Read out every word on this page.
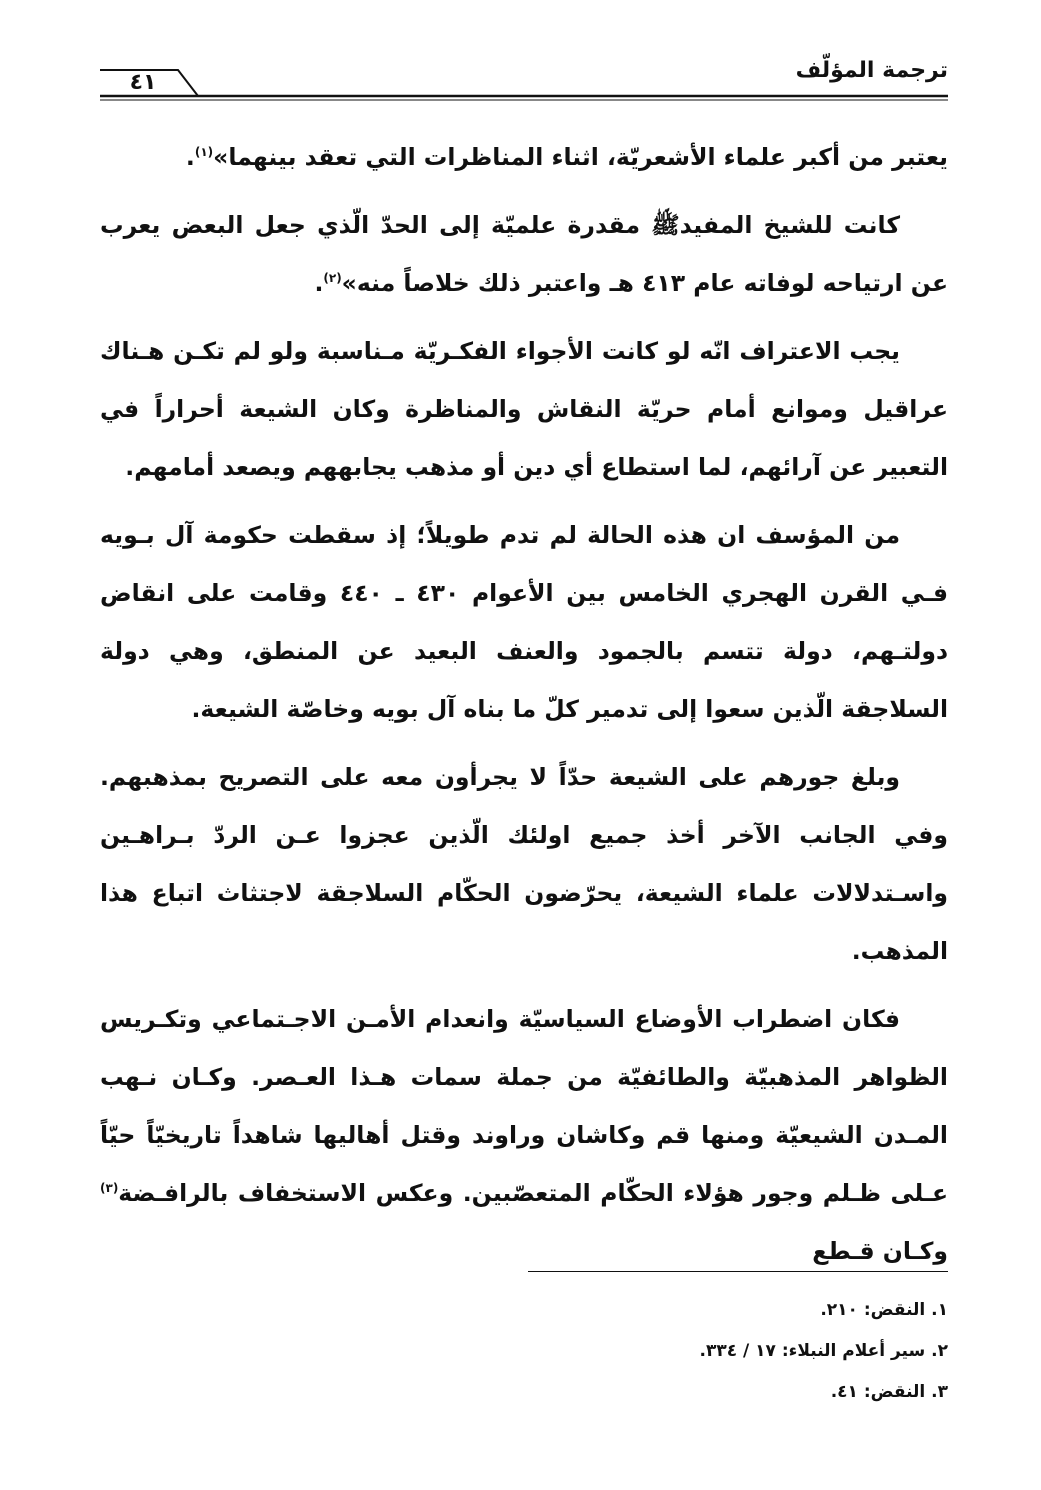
٤١	ترجمة المؤلّف

يعتبر من أكبر علماء الأشعريّة، اثناء المناظرات التي تعقد بينهما»$^{(١)}$.

كانت للشيخ المفيدﷺ مقدرة علميّة إلى الحدّ الّذي جعل البعض يعرب عن ارتياحه لوفاته عام ٤١٣ هـ واعتبر ذلك خلاصاً منه»$^{(٢)}$.

يجب الاعتراف انّه لو كانت الأجواء الفكـريّة مـناسبة ولو لم تكـن هـناك عراقيل وموانع أمام حريّة النقاش والمناظرة وكان الشيعة أحراراً في التعبير عن آرائهم، لما استطاع أي دين أو مذهب يجابههم ويصعد أمامهم.

من المؤسف ان هذه الحالة لم تدم طويلاً؛ إذ سقطت حكومة آل بـويه فـي القرن الهجري الخامس بين الأعوام ٤٣٠ ـ ٤٤٠ وقامت على انقاض دولتـهم، دولة تتسم بالجمود والعنف البعيد عن المنطق، وهي دولة السلاجقة الّذين سعوا إلى تدمير كلّ ما بناه آل بويه وخاصّة الشيعة.

وبلغ جورهم على الشيعة حدّاً لا يجرأون معه على التصريح بمذهبهم. وفي الجانب الآخر أخذ جميع اولئك الّذين عجزوا عـن الردّ بـراهـين واسـتدلالات علماء الشيعة، يحرّضون الحكّام السلاجقة لاجتثاث اتباع هذا المذهب.

فكان اضطراب الأوضاع السياسيّة وانعدام الأمـن الاجـتماعي وتكـريس الظواهر المذهبيّة والطائفيّة من جملة سمات هـذا العـصر. وكـان نـهب المـدن الشيعيّة ومنها قم وكاشان وراوند وقتل أهاليها شاهداً تاريخيّاً حيّاً عـلى ظـلم وجور هؤلاء الحكّام المتعصّبين. وعكس الاستخفاف بالرافـضة$^{(٣)}$ وكـان قـطع

١. النقض: ٢١٠.
٢. سير أعلام النبلاء: ١٧ / ٣٣٤.
٣. النقض: ٤١.
